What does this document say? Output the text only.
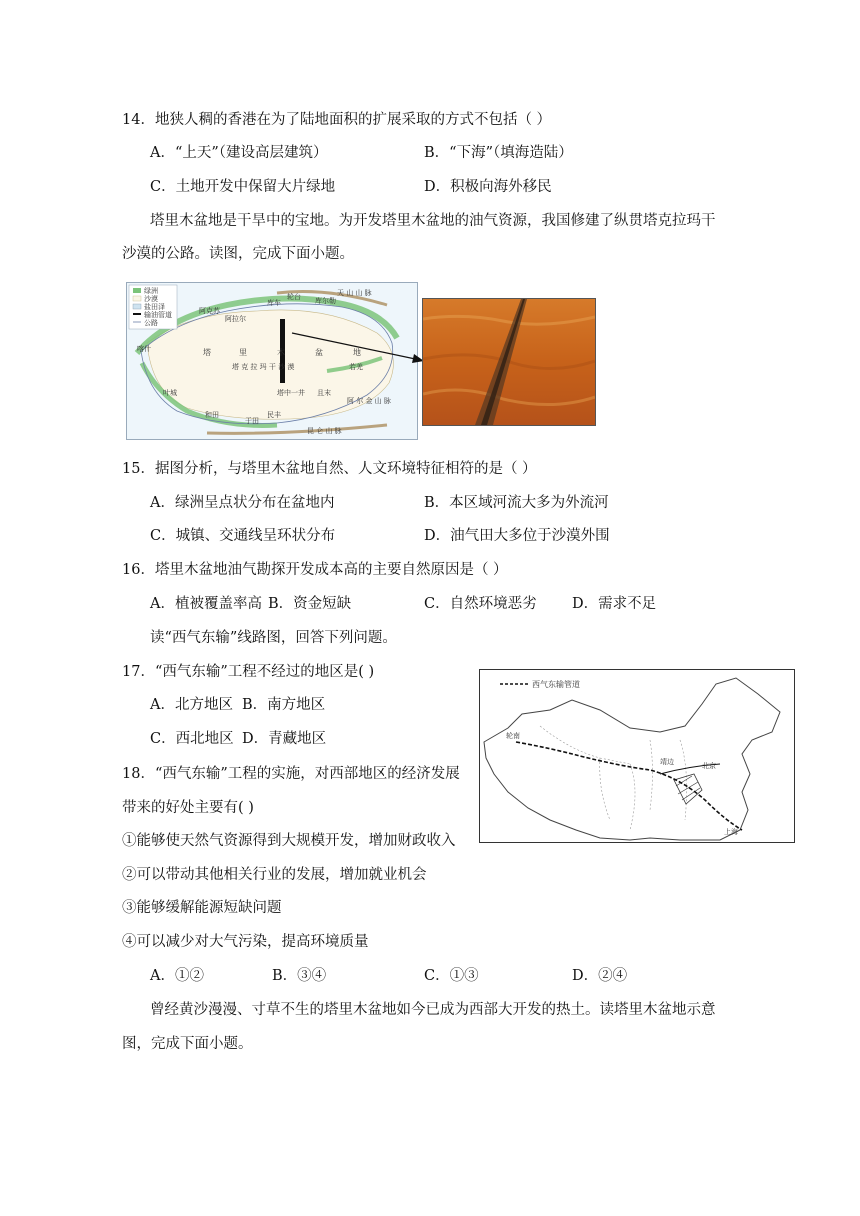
14．地狭人稠的香港在为了陆地面积的扩展采取的方式不包括（ ）
A．“上天”（建设高层建筑）	B．“下海”（填海造陆）
C．土地开发中保留大片绿地	D．积极向海外移民
塔里木盆地是干旱中的宝地。为开发塔里木盆地的油气资源，我国修建了纵贯塔克拉玛干
沙漠的公路。读图，完成下面小题。
绿洲
沙漠
盐田泽
输油管道
公路
塔	里	木	盆	地
塔 克 拉 玛 干 沙 漠
塔中一井
喀什
阿克苏
阿拉尔
库车
轮台 库尔勒
叶城
和田
于田
民丰
且末
若羌
昆 仑 山 脉
阿 尔 金 山 脉
天 山 山 脉
15．据图分析，与塔里木盆地自然、人文环境特征相符的是（ ）
A．绿洲呈点状分布在盆地内	B．本区域河流大多为外流河
C．城镇、交通线呈环状分布	D．油气田大多位于沙漠外围
16．塔里木盆地油气勘探开发成本高的主要自然原因是（ ）
A．植被覆盖率高 B．资金短缺	C．自然环境恶劣 D．需求不足
读“西气东输”线路图，回答下列问题。
西气东输管道
轮南
上海
北京
靖边
17．“西气东输”工程不经过的地区是( )
A．北方地区 B．南方地区
C．西北地区 D．青藏地区
18．“西气东输”工程的实施，对西部地区的经济发展
带来的好处主要有( )
①能够使天然气资源得到大规模开发，增加财政收入
②可以带动其他相关行业的发展，增加就业机会
③能够缓解能源短缺问题
④可以减少对大气污染，提高环境质量
A．①②	B．③④	C．①③	D．②④
曾经黄沙漫漫、寸草不生的塔里木盆地如今已成为西部大开发的热土。读塔里木盆地示意
图，完成下面小题。
